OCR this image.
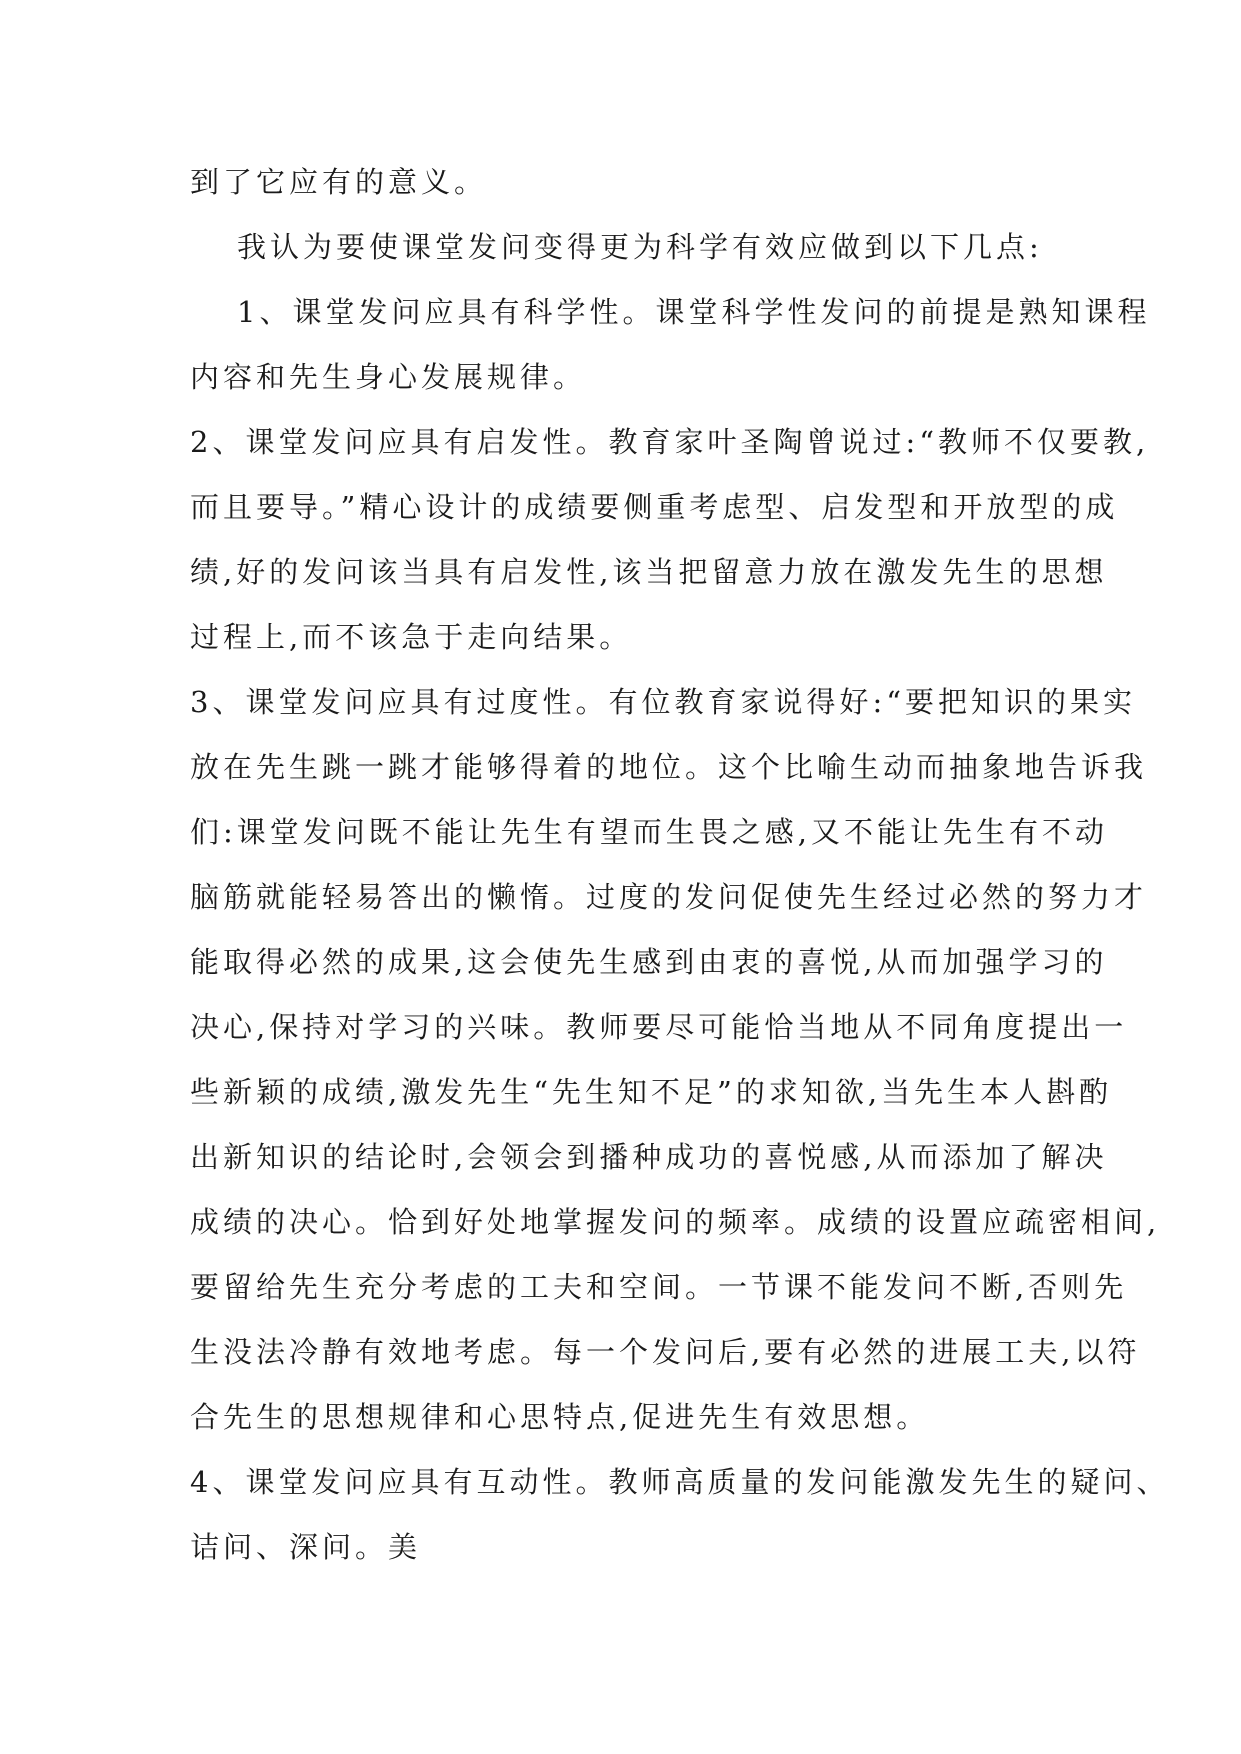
到了它应有的意义。
我认为要使课堂发问变得更为科学有效应做到以下几点:
1、课堂发问应具有科学性。课堂科学性发问的前提是熟知课程
内容和先生身心发展规律。
2、课堂发问应具有启发性。教育家叶圣陶曾说过:“教师不仅要教,
而且要导。”精心设计的成绩要侧重考虑型、启发型和开放型的成
绩,好的发问该当具有启发性,该当把留意力放在激发先生的思想
过程上,而不该急于走向结果。
3、课堂发问应具有过度性。有位教育家说得好:“要把知识的果实
放在先生跳一跳才能够得着的地位。这个比喻生动而抽象地告诉我
们:课堂发问既不能让先生有望而生畏之感,又不能让先生有不动
脑筋就能轻易答出的懒惰。过度的发问促使先生经过必然的努力才
能取得必然的成果,这会使先生感到由衷的喜悦,从而加强学习的
决心,保持对学习的兴味。教师要尽可能恰当地从不同角度提出一
些新颖的成绩,激发先生“先生知不足”的求知欲,当先生本人斟酌
出新知识的结论时,会领会到播种成功的喜悦感,从而添加了解决
成绩的决心。恰到好处地掌握发问的频率。成绩的设置应疏密相间,
要留给先生充分考虑的工夫和空间。一节课不能发问不断,否则先
生没法冷静有效地考虑。每一个发问后,要有必然的进展工夫,以符
合先生的思想规律和心思特点,促进先生有效思想。
4、课堂发问应具有互动性。教师高质量的发问能激发先生的疑问、
诘问、深问。美
